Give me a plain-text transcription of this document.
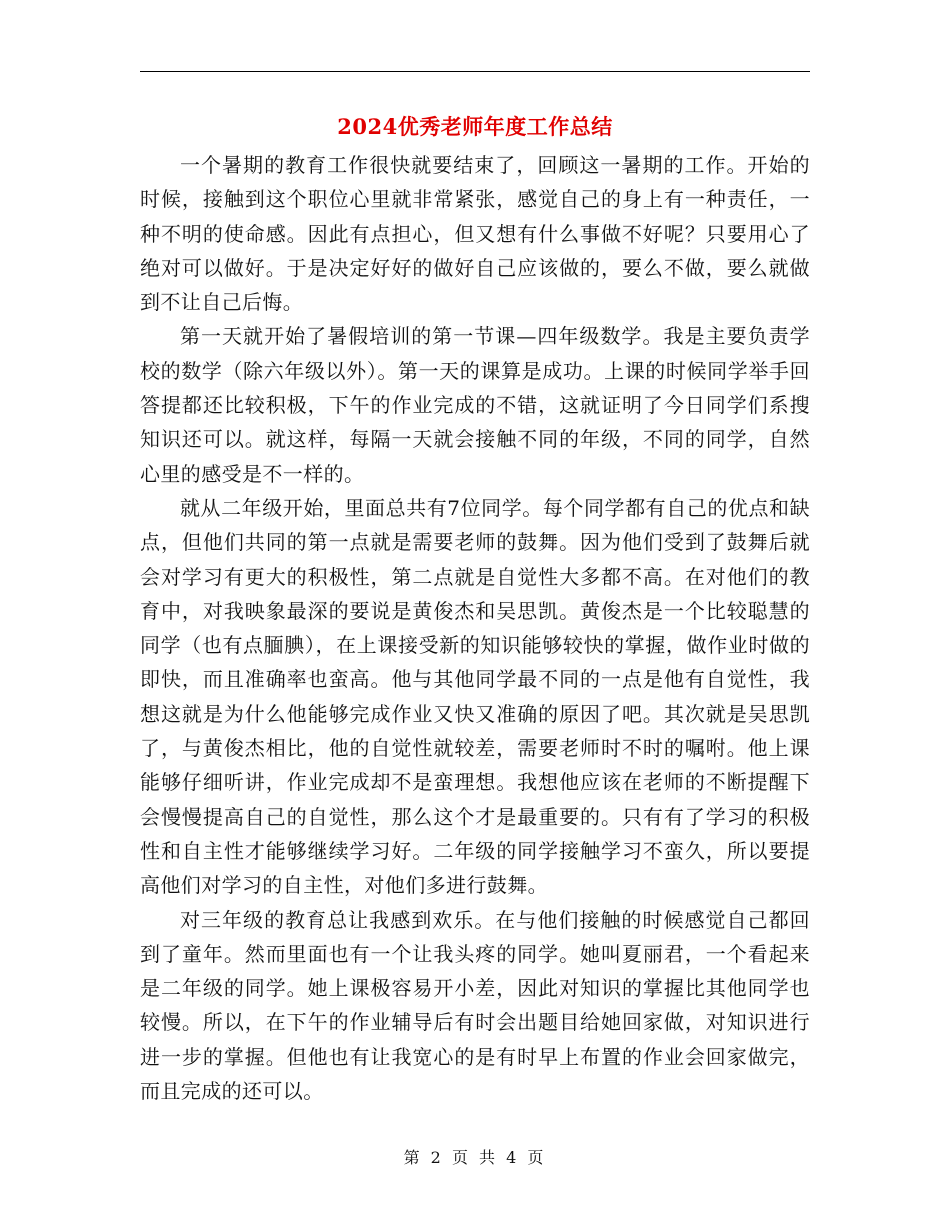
2024优秀老师年度工作总结

一个暑期的教育工作很快就要结束了，回顾这一暑期的工作。开始的时候，接触到这个职位心里就非常紧张，感觉自己的身上有一种责任，一种不明的使命感。因此有点担心，但又想有什么事做不好呢？只要用心了绝对可以做好。于是决定好好的做好自己应该做的，要么不做，要么就做到不让自己后悔。

第一天就开始了暑假培训的第一节课—四年级数学。我是主要负责学校的数学（除六年级以外）。第一天的课算是成功。上课的时候同学举手回答提都还比较积极，下午的作业完成的不错，这就证明了今日同学们系搜知识还可以。就这样，每隔一天就会接触不同的年级，不同的同学，自然心里的感受是不一样的。

就从二年级开始，里面总共有7位同学。每个同学都有自己的优点和缺点，但他们共同的第一点就是需要老师的鼓舞。因为他们受到了鼓舞后就会对学习有更大的积极性，第二点就是自觉性大多都不高。在对他们的教育中，对我映象最深的要说是黄俊杰和吴思凯。黄俊杰是一个比较聪慧的同学（也有点腼腆），在上课接受新的知识能够较快的掌握，做作业时做的即快，而且准确率也蛮高。他与其他同学最不同的一点是他有自觉性，我想这就是为什么他能够完成作业又快又准确的原因了吧。其次就是吴思凯了，与黄俊杰相比，他的自觉性就较差，需要老师时不时的嘱咐。他上课能够仔细听讲，作业完成却不是蛮理想。我想他应该在老师的不断提醒下会慢慢提高自己的自觉性，那么这个才是最重要的。只有有了学习的积极性和自主性才能够继续学习好。二年级的同学接触学习不蛮久，所以要提高他们对学习的自主性，对他们多进行鼓舞。

对三年级的教育总让我感到欢乐。在与他们接触的时候感觉自己都回到了童年。然而里面也有一个让我头疼的同学。她叫夏丽君，一个看起来是二年级的同学。她上课极容易开小差，因此对知识的掌握比其他同学也较慢。所以，在下午的作业辅导后有时会出题目给她回家做，对知识进行进一步的掌握。但他也有让我宽心的是有时早上布置的作业会回家做完，而且完成的还可以。

第 2 页 共 4 页
